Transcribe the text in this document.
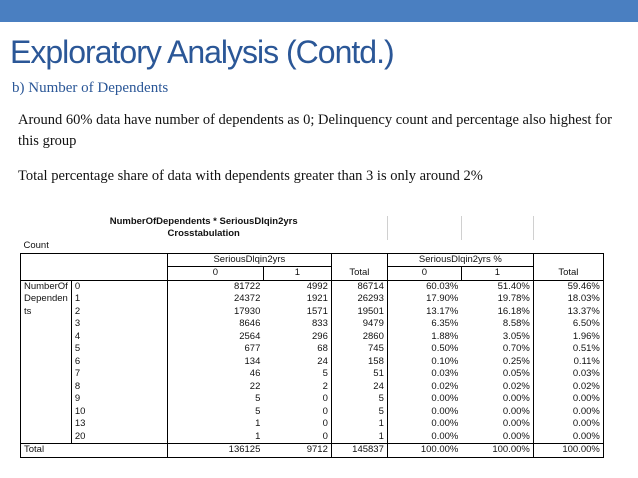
Exploratory Analysis (Contd.)
b) Number of Dependents
Around 60% data have number of dependents as 0; Delinquency count and percentage also highest for this group
Total percentage share of data with dependents greater than 3 is only around 2%
NumberOfDependents * SeriousDlqin2yrs
Crosstabulation							

Count							
		SeriousDlqin2yrs			SeriousDlqin2yrs %		
		0	1	Total	0	1	Total
NumberOf	0	81722	4992	86714	60.03%	51.40%	59.46%
Dependen	1	24372	1921	26293	17.90%	19.78%	18.03%
ts	2	17930	1571	19501	13.17%	16.18%	13.37%
	3	8646	833	9479	6.35%	8.58%	6.50%
	4	2564	296	2860	1.88%	3.05%	1.96%
	5	677	68	745	0.50%	0.70%	0.51%
	6	134	24	158	0.10%	0.25%	0.11%
	7	46	5	51	0.03%	0.05%	0.03%
	8	22	2	24	0.02%	0.02%	0.02%
	9	5	0	5	0.00%	0.00%	0.00%
	10	5	0	5	0.00%	0.00%	0.00%
	13	1	0	1	0.00%	0.00%	0.00%
	20	1	0	1	0.00%	0.00%	0.00%
Total		136125	9712	145837	100.00%	100.00%	100.00%
